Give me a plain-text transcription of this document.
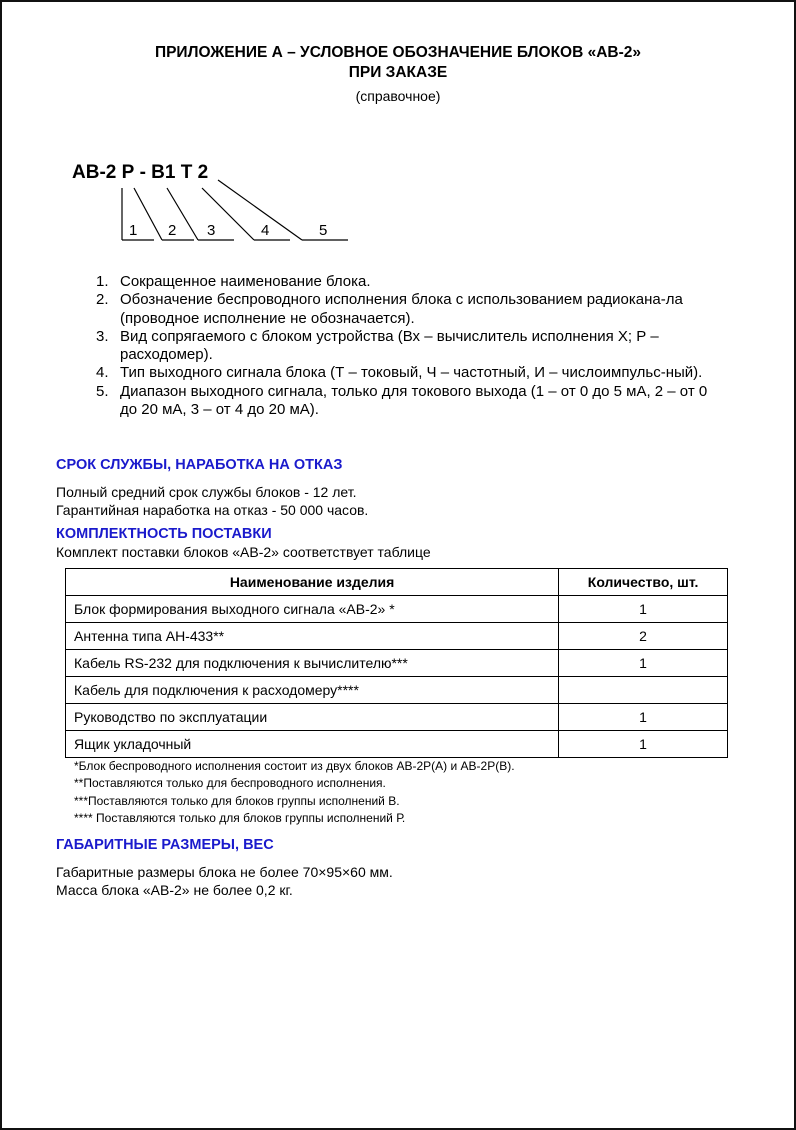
ПРИЛОЖЕНИЕ А – УСЛОВНОЕ ОБОЗНАЧЕНИЕ БЛОКОВ «АВ-2»
ПРИ ЗАКАЗЕ
(справочное)
АВ-2 Р - В1 Т 2
1 2 3	4	5
1. Сокращенное наименование блока.
2. Обозначение беспроводного исполнения блока с использованием радиокана-ла (проводное исполнение не обозначается).
3. Вид сопрягаемого с блоком устройства (Вх – вычислитель исполнения Х; Р – расходомер).
4. Тип выходного сигнала блока (Т – токовый, Ч – частотный, И – числоимпульс-ный).
5. Диапазон выходного сигнала, только для токового выхода (1 – от 0 до 5 мА, 2 – от 0 до 20 мА, 3 – от 4 до 20 мА).
СРОК СЛУЖБЫ, НАРАБОТКА НА ОТКАЗ
Полный средний срок службы блоков - 12 лет.
Гарантийная наработка на отказ - 50 000 часов.
КОМПЛЕКТНОСТЬ ПОСТАВКИ
Комплект поставки блоков «АВ-2» соответствует таблице
Наименование изделия	Количество, шт.
Блок формирования выходного сигнала «АВ-2» *	1
Антенна типа АН-433**	2
Кабель RS-232 для подключения к вычислителю***	1
Кабель для подключения к расходомеру****	
Руководство по эксплуатации	1
Ящик укладочный	1
*Блок беспроводного исполнения состоит из двух блоков АВ-2Р(А) и АВ-2Р(В).
**Поставляются только для беспроводного исполнения.
***Поставляются только для блоков группы исполнений В.
**** Поставляются только для блоков группы исполнений Р.
ГАБАРИТНЫЕ РАЗМЕРЫ, ВЕС
Габаритные размеры блока не более 70×95×60 мм.
Масса блока «АВ-2» не более 0,2 кг.
